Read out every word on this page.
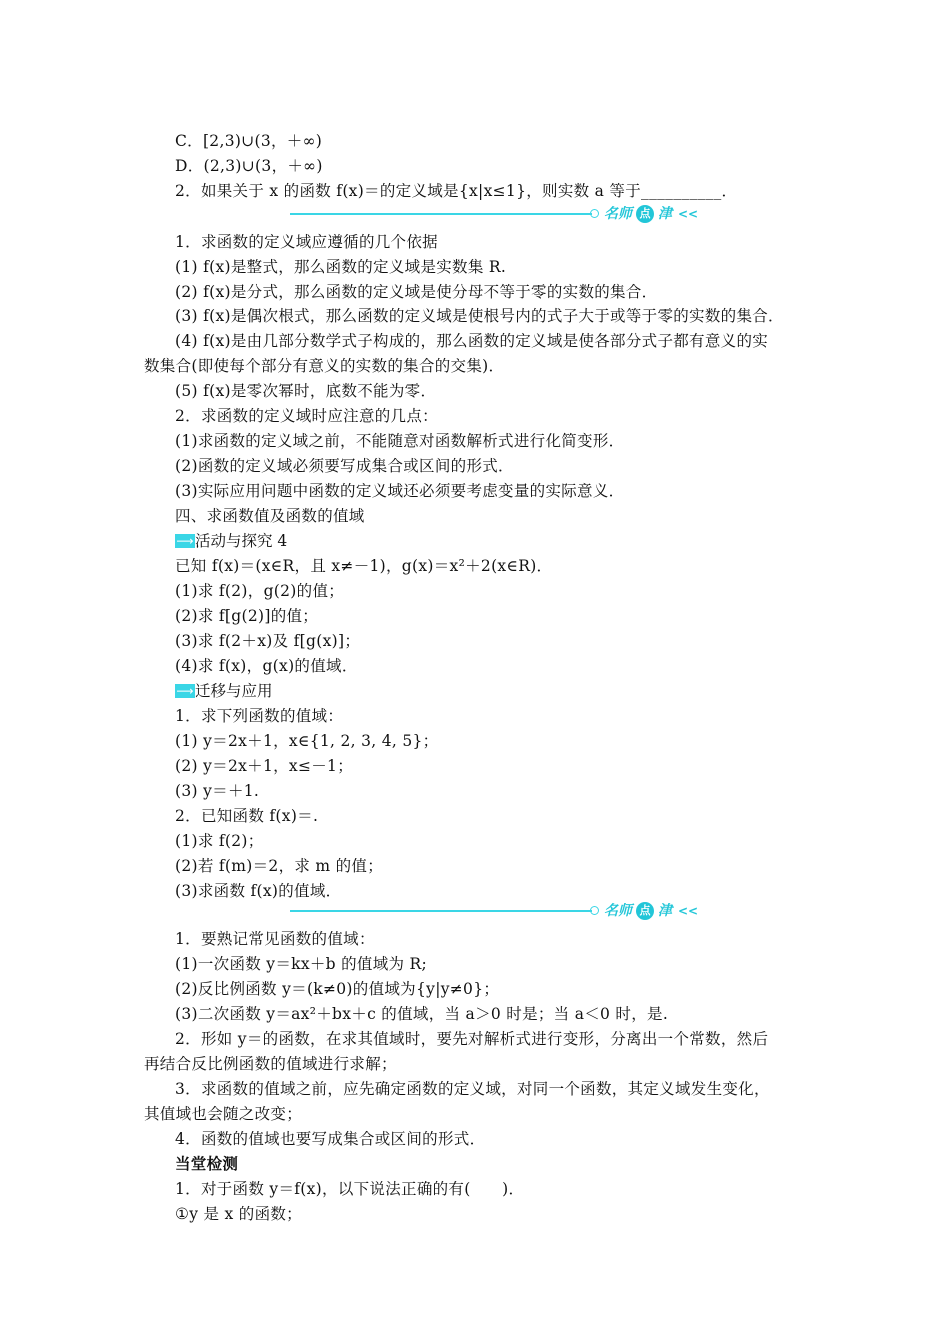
C．[2,3)∪(3，＋∞)
D．(2,3)∪(3，＋∞)
2．如果关于 x 的函数 f(x)＝的定义域是{x|x≤1}，则实数 a 等于__________．
名师 点 津 <<
1．求函数的定义域应遵循的几个依据
(1) f(x)是整式，那么函数的定义域是实数集 R.
(2) f(x)是分式，那么函数的定义域是使分母不等于零的实数的集合．
(3) f(x)是偶次根式，那么函数的定义域是使根号内的式子大于或等于零的实数的集合．
(4) f(x)是由几部分数学式子构成的，那么函数的定义域是使各部分式子都有意义的实
数集合(即使每个部分有意义的实数的集合的交集)．
(5) f(x)是零次幂时，底数不能为零．
2．求函数的定义域时应注意的几点：
(1)求函数的定义域之前，不能随意对函数解析式进行化简变形．
(2)函数的定义域必须要写成集合或区间的形式．
(3)实际应用问题中函数的定义域还必须要考虑变量的实际意义．
四、求函数值及函数的值域
⟶活动与探究 4
已知 f(x)＝(x∈R，且 x≠－1)，g(x)＝x²＋2(x∈R)．
(1)求 f(2)，g(2)的值；
(2)求 f[g(2)]的值；
(3)求 f(2＋x)及 f[g(x)]；
(4)求 f(x)，g(x)的值域．
⟶迁移与应用
1．求下列函数的值域：
(1) y＝2x＋1，x∈{1, 2, 3, 4, 5}；
(2) y＝2x＋1，x≤－1；
(3) y＝＋1.
2．已知函数 f(x)＝.
(1)求 f(2)；
(2)若 f(m)＝2，求 m 的值；
(3)求函数 f(x)的值域．
名师 点 津 <<
1．要熟记常见函数的值域：
(1)一次函数 y＝kx＋b 的值域为 R;
(2)反比例函数 y＝(k≠0)的值域为{y|y≠0}；
(3)二次函数 y＝ax²＋bx＋c 的值域，当 a＞0 时是；当 a＜0 时，是.
2．形如 y＝的函数，在求其值域时，要先对解析式进行变形，分离出一个常数，然后
再结合反比例函数的值域进行求解；
3．求函数的值域之前，应先确定函数的定义域，对同一个函数，其定义域发生变化，
其值域也会随之改变；
4．函数的值域也要写成集合或区间的形式．
当堂检测
1．对于函数 y＝f(x)，以下说法正确的有(　　)．
①y 是 x 的函数；
